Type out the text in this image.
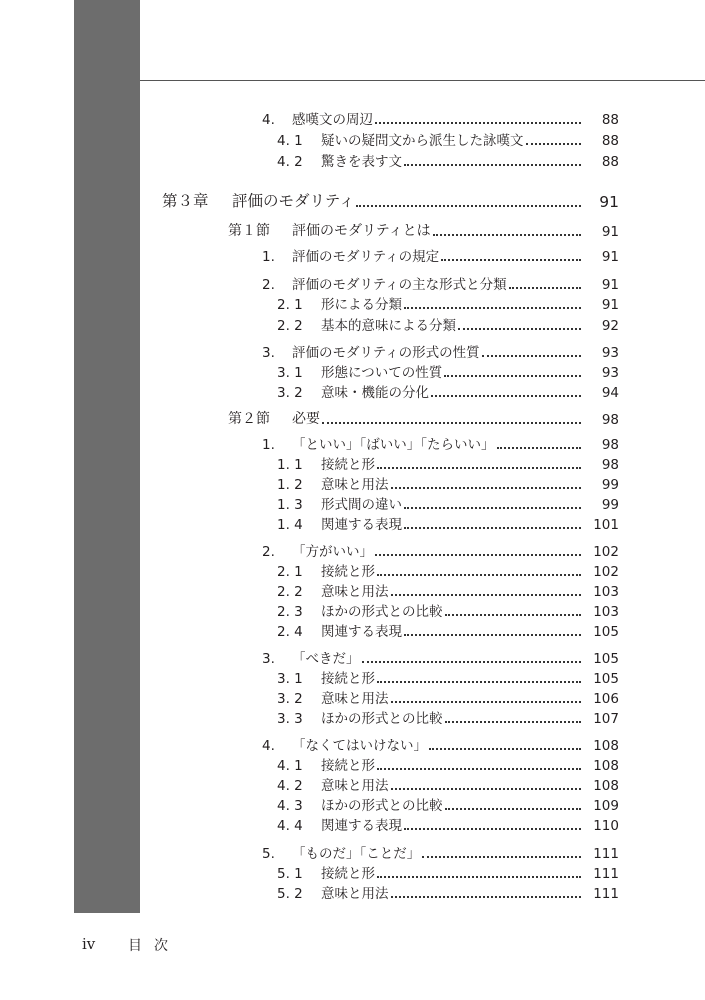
4.	感嘆文の周辺	88
4. 1	疑いの疑問文から派生した詠嘆文	88
4. 2	驚きを表す文	88
第３章	評価のモダリティ	91
第１節	評価のモダリティとは	91
1.	評価のモダリティの規定	91
2.	評価のモダリティの主な形式と分類	91
2. 1	形による分類	91
2. 2	基本的意味による分類	92
3.	評価のモダリティの形式の性質	93
3. 1	形態についての性質	93
3. 2	意味・機能の分化	94
第２節	必要	98
1.	「といい」「ばいい」「たらいい」	98
1. 1	接続と形	98
1. 2	意味と用法	99
1. 3	形式間の違い	99
1. 4	関連する表現	101
2.	「方がいい」	102
2. 1	接続と形	102
2. 2	意味と用法	103
2. 3	ほかの形式との比較	103
2. 4	関連する表現	105
3.	「べきだ」	105
3. 1	接続と形	105
3. 2	意味と用法	106
3. 3	ほかの形式との比較	107
4.	「なくてはいけない」	108
4. 1	接続と形	108
4. 2	意味と用法	108
4. 3	ほかの形式との比較	109
4. 4	関連する表現	110
5.	「ものだ」「ことだ」	111
5. 1	接続と形	111
5. 2	意味と用法	111
iv 目次
